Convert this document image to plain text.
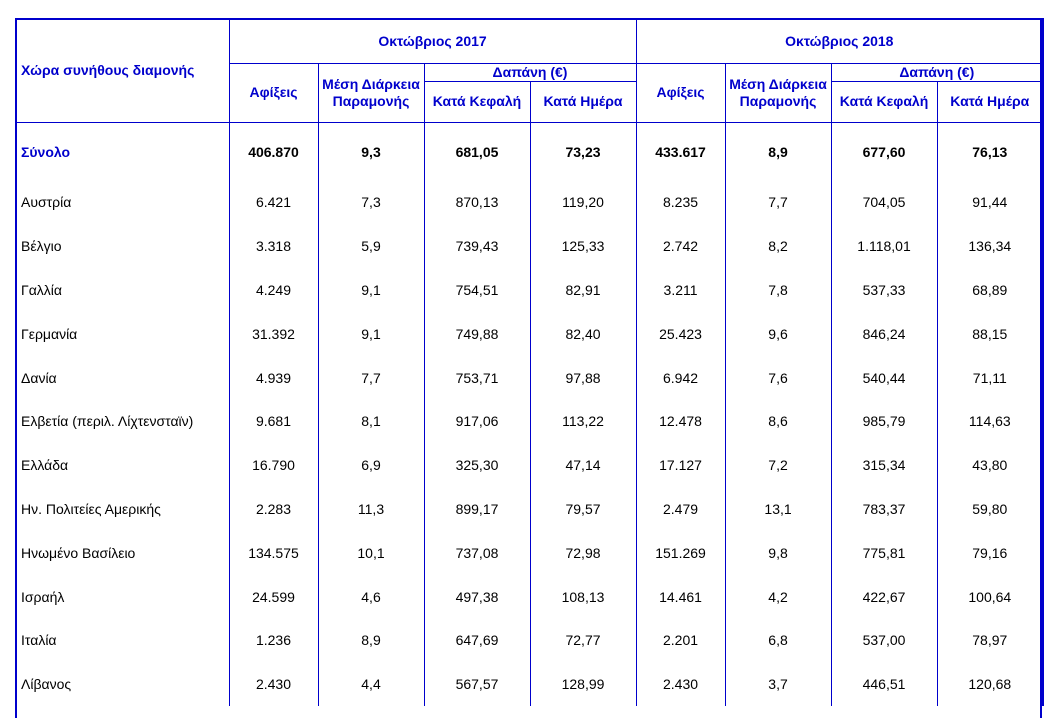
Χώρα συνήθους διαμονής	Οκτώβριος 2017				Οκτώβριος 2018			
	Αφίξεις	Μέση Διάρκεια Παραμονής	Δαπάνη (€)		Αφίξεις	Μέση Διάρκεια Παραμονής	Δαπάνη (€)	
			Κατά Κεφαλή	Κατά Ημέρα			Κατά Κεφαλή	Κατά Ημέρα
Σύνολο	406.870	9,3	681,05	73,23	433.617	8,9	677,60	76,13
Αυστρία	6.421	7,3	870,13	119,20	8.235	7,7	704,05	91,44
Βέλγιο	3.318	5,9	739,43	125,33	2.742	8,2	1.118,01	136,34
Γαλλία	4.249	9,1	754,51	82,91	3.211	7,8	537,33	68,89
Γερμανία	31.392	9,1	749,88	82,40	25.423	9,6	846,24	88,15
Δανία	4.939	7,7	753,71	97,88	6.942	7,6	540,44	71,11
Ελβετία (περιλ. Λίχτενσταϊν)	9.681	8,1	917,06	113,22	12.478	8,6	985,79	114,63
Ελλάδα	16.790	6,9	325,30	47,14	17.127	7,2	315,34	43,80
Ην. Πολιτείες Αμερικής	2.283	11,3	899,17	79,57	2.479	13,1	783,37	59,80
Ηνωμένο Βασίλειο	134.575	10,1	737,08	72,98	151.269	9,8	775,81	79,16
Ισραήλ	24.599	4,6	497,38	108,13	14.461	4,2	422,67	100,64
Ιταλία	1.236	8,9	647,69	72,77	2.201	6,8	537,00	78,97
Λίβανος	2.430	4,4	567,57	128,99	2.430	3,7	446,51	120,68
